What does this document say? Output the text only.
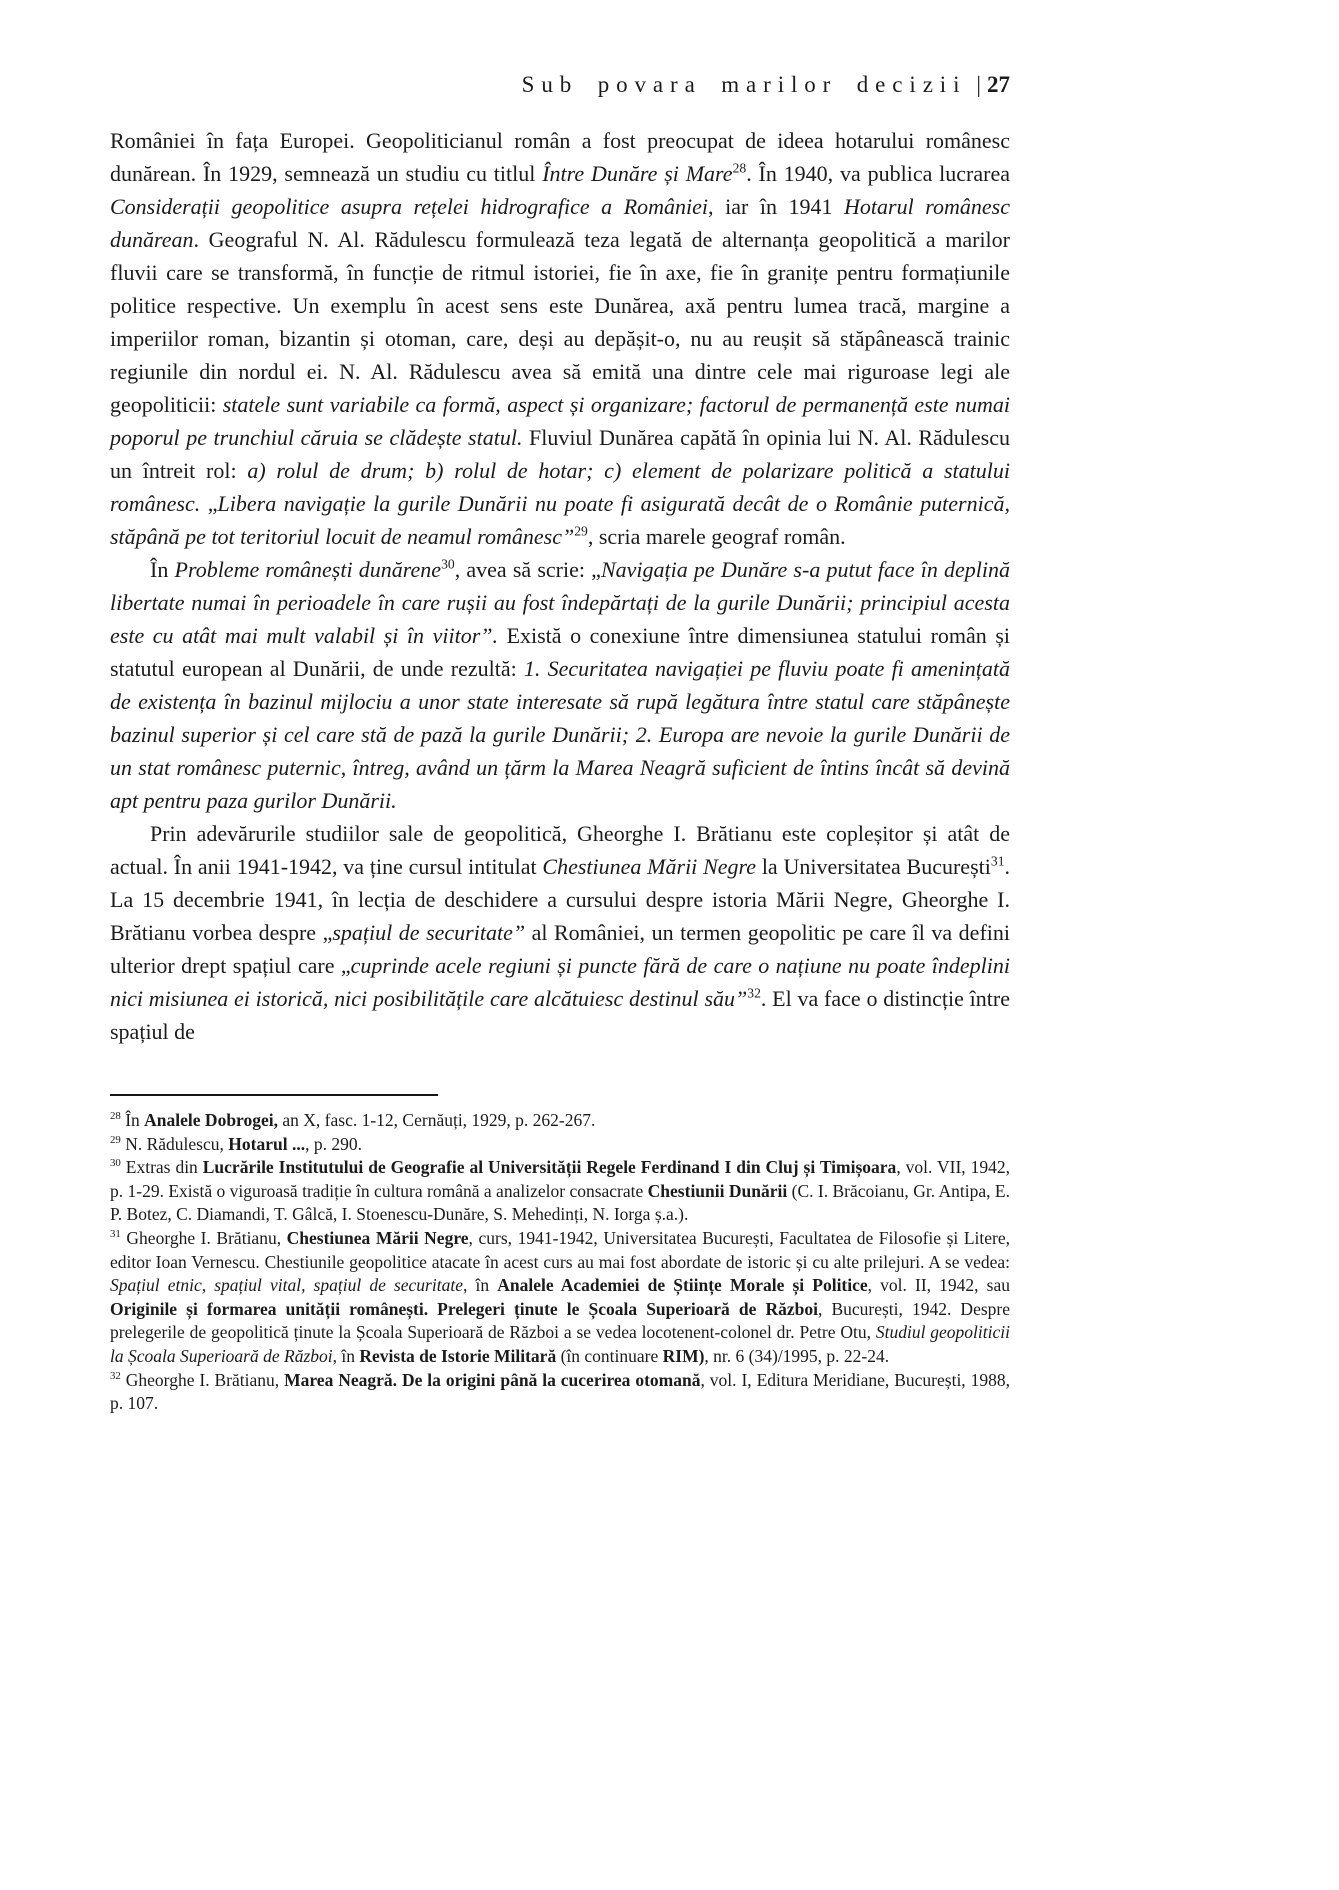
Sub povara marilor decizii | 27

României în fața Europei. Geopoliticianul român a fost preocupat de ideea hotarului românesc dunărean. În 1929, semnează un studiu cu titlul Între Dunăre și Mare$^{28}$. În 1940, va publica lucrarea Considerații geopolitice asupra rețelei hidrografice a României, iar în 1941 Hotarul românesc dunărean. Geograful N. Al. Rădulescu formulează teza legată de alternanța geopolitică a marilor fluvii care se transformă, în funcție de ritmul istoriei, fie în axe, fie în granițe pentru formațiunile politice respective. Un exemplu în acest sens este Dunărea, axă pentru lumea tracă, margine a imperiilor roman, bizantin și otoman, care, deși au depășit-o, nu au reușit să stăpânească trainic regiunile din nordul ei. N. Al. Rădulescu avea să emită una dintre cele mai riguroase legi ale geopoliticii: statele sunt variabile ca formă, aspect și organizare; factorul de permanență este numai poporul pe trunchiul căruia se clădește statul. Fluviul Dunărea capătă în opinia lui N. Al. Rădulescu un întreit rol: a) rolul de drum; b) rolul de hotar; c) element de polarizare politică a statului românesc. „Libera navigație la gurile Dunării nu poate fi asigurată decât de o Românie puternică, stăpână pe tot teritoriul locuit de neamul românesc”$^{29}$, scria marele geograf român.

În Probleme românești dunărene$^{30}$, avea să scrie: „Navigația pe Dunăre s-a putut face în deplină libertate numai în perioadele în care rușii au fost îndepărtați de la gurile Dunării; principiul acesta este cu atât mai mult valabil și în viitor”. Există o conexiune între dimensiunea statului român și statutul european al Dunării, de unde rezultă: 1. Securitatea navigației pe fluviu poate fi amenințată de existența în bazinul mijlociu a unor state interesate să rupă legătura între statul care stăpânește bazinul superior și cel care stă de pază la gurile Dunării; 2. Europa are nevoie la gurile Dunării de un stat românesc puternic, întreg, având un țărm la Marea Neagră suficient de întins încât să devină apt pentru paza gurilor Dunării.

Prin adevărurile studiilor sale de geopolitică, Gheorghe I. Brătianu este copleșitor și atât de actual. În anii 1941-1942, va ține cursul intitulat Chestiunea Mării Negre la Universitatea București$^{31}$. La 15 decembrie 1941, în lecția de deschidere a cursului despre istoria Mării Negre, Gheorghe I. Brătianu vorbea despre „spațiul de securitate” al României, un termen geopolitic pe care îl va defini ulterior drept spațiul care „cuprinde acele regiuni și puncte fără de care o națiune nu poate îndeplini nici misiunea ei istorică, nici posibilitățile care alcătuiesc destinul său”$^{32}$. El va face o distincție între spațiul de

$^{28}$ În Analele Dobrogei, an X, fasc. 1-12, Cernăuți, 1929, p. 262-267.

$^{29}$ N. Rădulescu, Hotarul ..., p. 290.

$^{30}$ Extras din Lucrările Institutului de Geografie al Universității Regele Ferdinand I din Cluj și Timișoara, vol. VII, 1942, p. 1-29. Există o viguroasă tradiție în cultura română a analizelor consacrate Chestiunii Dunării (C. I. Brăcoianu, Gr. Antipa, E. P. Botez, C. Diamandi, T. Gâlcă, I. Stoenescu-Dunăre, S. Mehedinți, N. Iorga ș.a.).

$^{31}$ Gheorghe I. Brătianu, Chestiunea Mării Negre, curs, 1941-1942, Universitatea București, Facultatea de Filosofie și Litere, editor Ioan Vernescu. Chestiunile geopolitice atacate în acest curs au mai fost abordate de istoric și cu alte prilejuri. A se vedea: Spațiul etnic, spațiul vital, spațiul de securitate, în Analele Academiei de Științe Morale și Politice, vol. II, 1942, sau Originile și formarea unității românești. Prelegeri ținute le Școala Superioară de Război, București, 1942. Despre prelegerile de geopolitică ținute la Școala Superioară de Război a se vedea locotenent-colonel dr. Petre Otu, Studiul geopoliticii la Școala Superioară de Război, în Revista de Istorie Militară (în continuare RIM), nr. 6 (34)/1995, p. 22-24.

$^{32}$ Gheorghe I. Brătianu, Marea Neagră. De la origini până la cucerirea otomană, vol. I, Editura Meridiane, București, 1988, p. 107.
